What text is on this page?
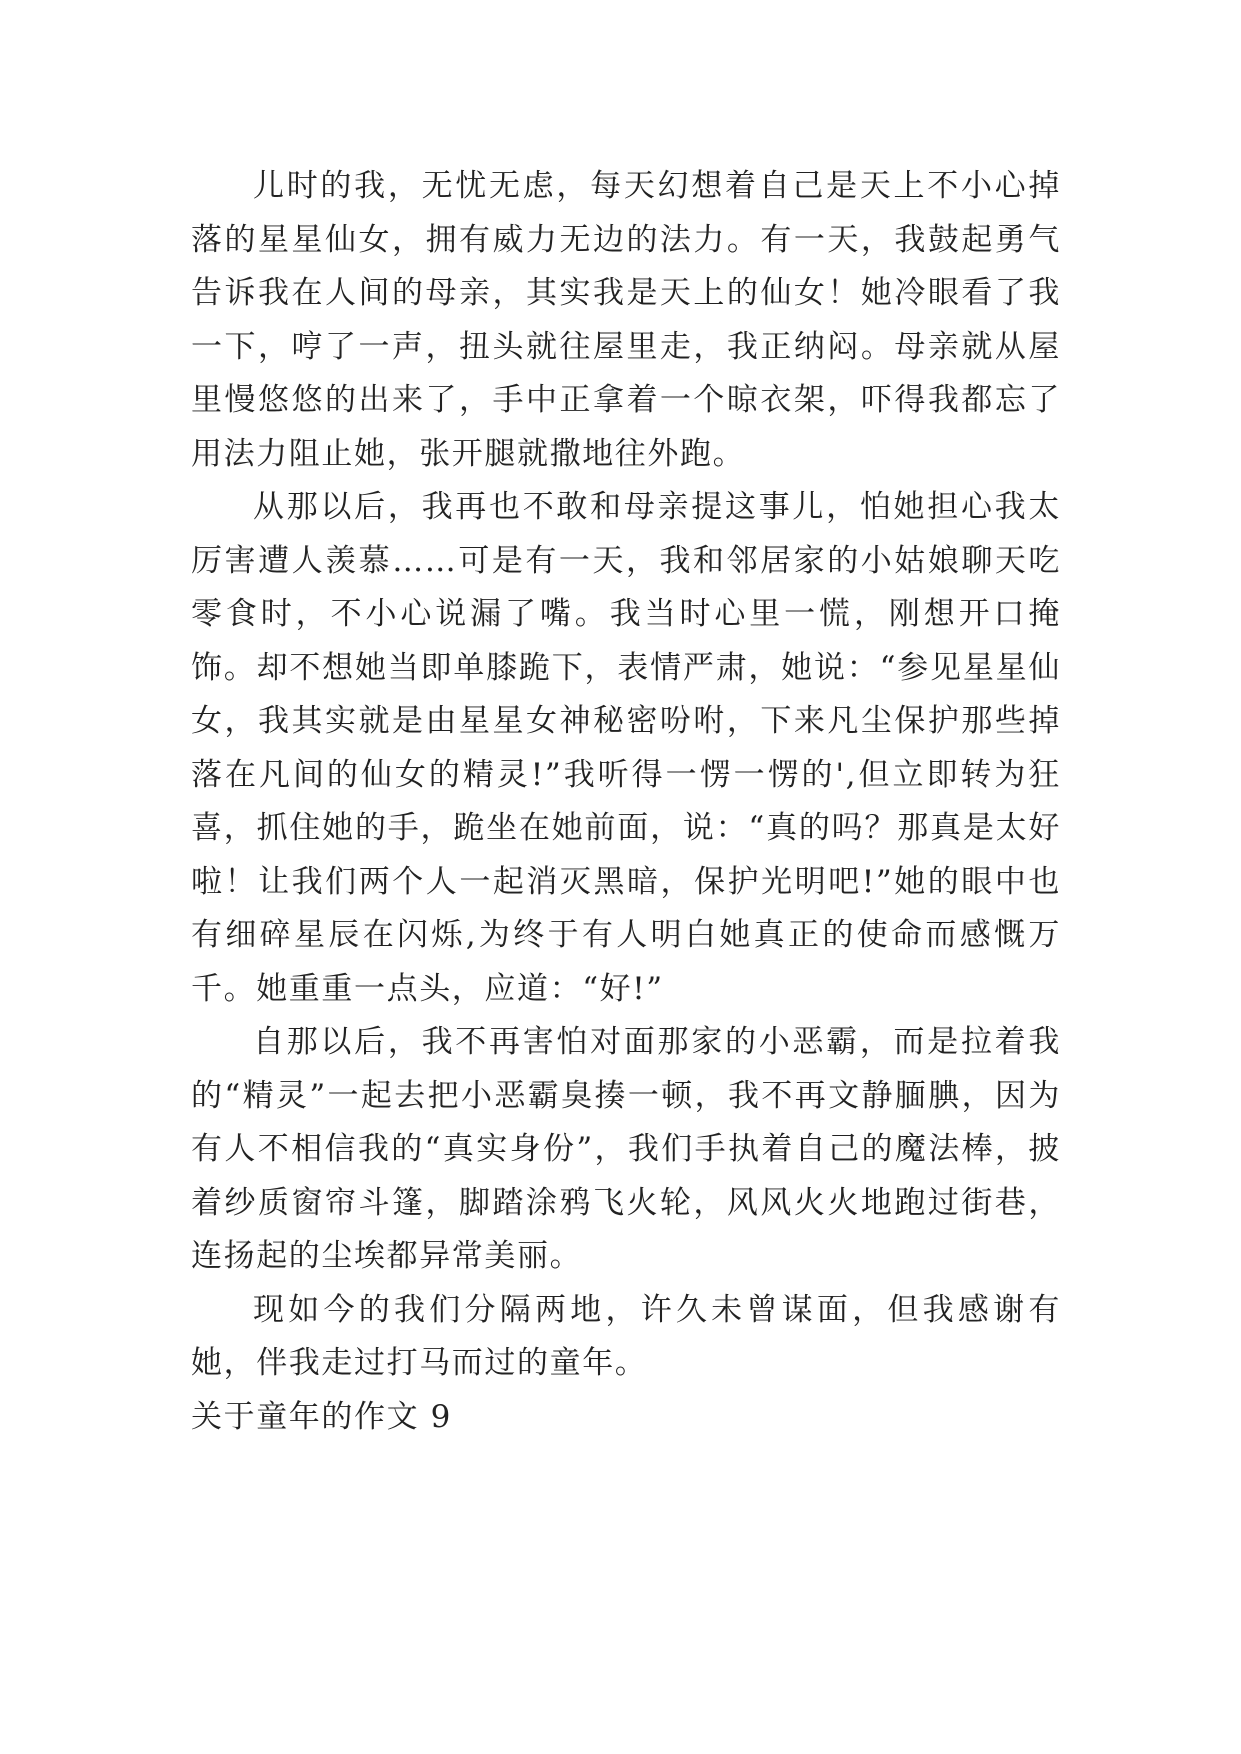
儿时的我，无忧无虑，每天幻想着自己是天上不小心掉落的星星仙女，拥有威力无边的法力。有一天，我鼓起勇气告诉我在人间的母亲，其实我是天上的仙女！她冷眼看了我一下，哼了一声，扭头就往屋里走，我正纳闷。母亲就从屋里慢悠悠的出来了，手中正拿着一个晾衣架，吓得我都忘了用法力阻止她，张开腿就撒地往外跑。

从那以后，我再也不敢和母亲提这事儿，怕她担心我太厉害遭人羡慕……可是有一天，我和邻居家的小姑娘聊天吃零食时，不小心说漏了嘴。我当时心里一慌，刚想开口掩饰。却不想她当即单膝跪下，表情严肃，她说：“参见星星仙女，我其实就是由星星女神秘密吩咐，下来凡尘保护那些掉落在凡间的仙女的精灵!”我听得一愣一愣的',但立即转为狂喜，抓住她的手，跪坐在她前面，说：“真的吗？那真是太好啦！让我们两个人一起消灭黑暗，保护光明吧!”她的眼中也有细碎星辰在闪烁,为终于有人明白她真正的使命而感慨万千。她重重一点头，应道：“好!”

自那以后，我不再害怕对面那家的小恶霸，而是拉着我的“精灵”一起去把小恶霸臭揍一顿，我不再文静腼腆，因为有人不相信我的“真实身份”，我们手执着自己的魔法棒，披着纱质窗帘斗篷，脚踏涂鸦飞火轮，风风火火地跑过街巷，连扬起的尘埃都异常美丽。

现如今的我们分隔两地，许久未曾谋面，但我感谢有她，伴我走过打马而过的童年。

关于童年的作文 9
